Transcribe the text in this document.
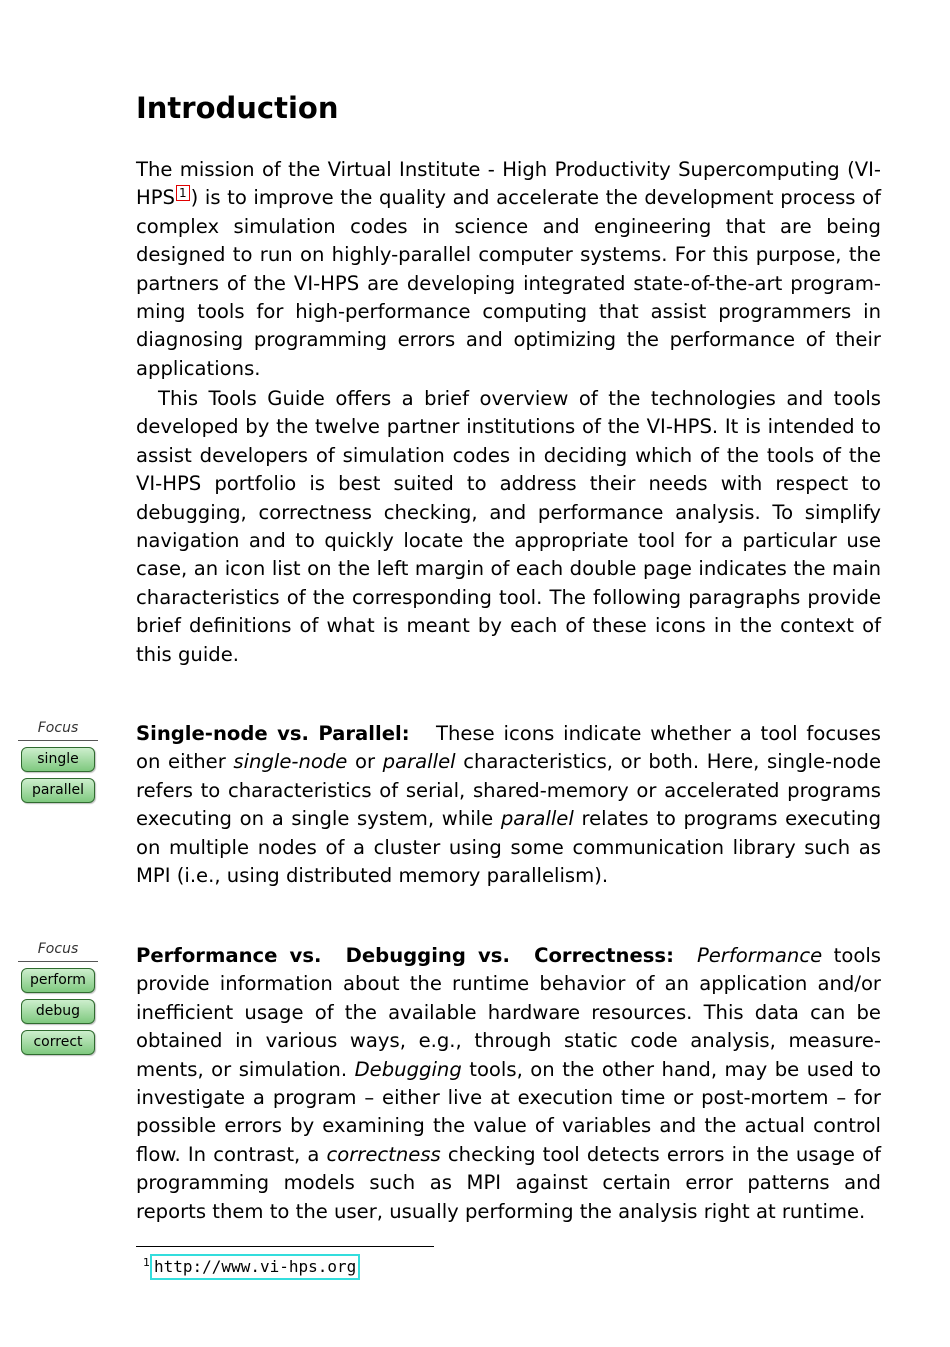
Introduction

The mission of the Virtual Institute - High Productivity Supercomputing (VI-HPS 1 ) is to improve the quality and accelerate the development process of complex simulation codes in science and engineering that are being designed to run on highly-parallel computer systems. For this purpose, the partners of the VI-HPS are developing integrated state-of-the-art programming tools for high-performance computing that assist programmers in diagnosing programming errors and optimizing the performance of their applications.

This Tools Guide offers a brief overview of the technologies and tools developed by the twelve partner institutions of the VI-HPS. It is intended to assist developers of simulation codes in deciding which of the tools of the VI-HPS portfolio is best suited to address their needs with respect to debugging, correctness checking, and performance analysis. To simplify navigation and to quickly locate the appropriate tool for a particular use case, an icon list on the left margin of each double page indicates the main characteristics of the corresponding tool. The following paragraphs provide brief definitions of what is meant by each of these icons in the context of this guide.

Focus
single
parallel

Single-node vs. Parallel: These icons indicate whether a tool focuses on either single-node or parallel characteristics, or both. Here, single-node refers to characteristics of serial, shared-memory or accelerated programs executing on a single system, while parallel relates to programs executing on multiple nodes of a cluster using some communication library such as MPI (i.e., using distributed memory parallelism).

Focus
perform
debug
correct

Performance vs.  Debugging vs.  Correctness: Performance tools provide information about the runtime behavior of an application and/or inefficient usage of the available hardware resources. This data can be obtained in various ways, e.g., through static code analysis, measurements, or simulation. Debugging tools, on the other hand, may be used to investigate a program – either live at execution time or post-mortem – for possible errors by examining the value of variables and the actual control flow. In contrast, a correctness checking tool detects errors in the usage of programming models such as MPI against certain error patterns and reports them to the user, usually performing the analysis right at runtime.

$^1$ http://www.vi-hps.org
